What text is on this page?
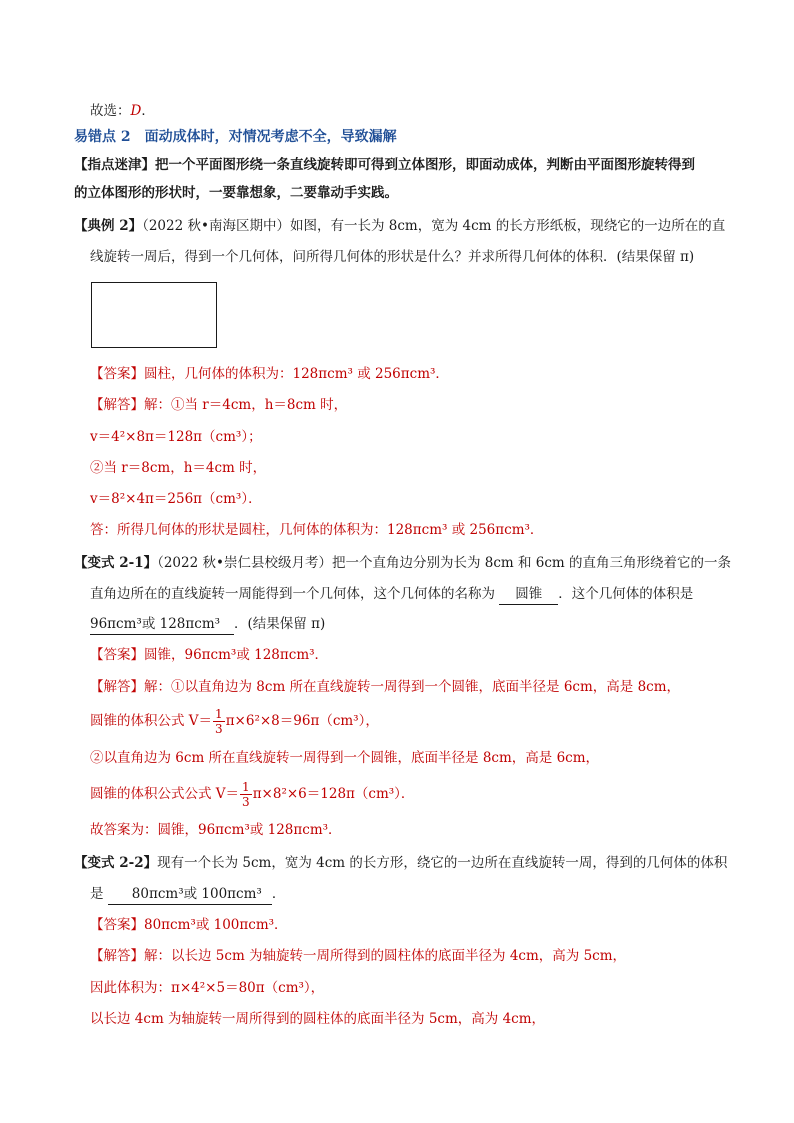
故选：D．
易错点 2　面动成体时，对情况考虑不全，导致漏解
【指点迷津】把一个平面图形绕一条直线旋转即可得到立体图形，即面动成体，判断由平面图形旋转得到
的立体图形的形状时，一要靠想象，二要靠动手实践。
【典例 2】（2022 秋•南海区期中）如图，有一长为 8cm，宽为 4cm 的长方形纸板，现绕它的一边所在的直
线旋转一周后，得到一个几何体，问所得几何体的形状是什么？并求所得几何体的体积．(结果保留 π)
【答案】圆柱，几何体的体积为：128πcm³ 或 256πcm³．
【解答】解：①当 r＝4cm，h＝8cm 时，
v＝4²×8π＝128π（cm³）；
②当 r＝8cm，h＝4cm 时，
v＝8²×4π＝256π（cm³）．
答：所得几何体的形状是圆柱，几何体的体积为：128πcm³ 或 256πcm³．
【变式 2-1】（2022 秋•崇仁县校级月考）把一个直角边分别为长为 8cm 和 6cm 的直角三角形绕着它的一条
直角边所在的直线旋转一周能得到一个几何体，这个几何体的名称为 圆锥 ．这个几何体的体积是
96πcm³或 128πcm³ ．(结果保留 π)
【答案】圆锥，96πcm³或 128πcm³．
【解答】解：①以直角边为 8cm 所在直线旋转一周得到一个圆锥，底面半径是 6cm，高是 8cm，
圆锥的体积公式 $V= \frac{1}{3} \pi\times 6^2\times 8=96\pi(cm^3)$，
②以直角边为 6cm 所在直线旋转一周得到一个圆锥，底面半径是 8cm，高是 6cm，
圆锥的体积公式公式 $V= \frac{1}{3} \pi\times 8^2\times 6=128\pi(cm^3)$．
故答案为：圆锥，96πcm³或 128πcm³．
【变式 2-2】现有一个长为 5cm，宽为 4cm 的长方形，绕它的一边所在直线旋转一周，得到的几何体的体积
是 80πcm³或 100πcm³ ．
【答案】80πcm³或 100πcm³．
【解答】解：以长边 5cm 为轴旋转一周所得到的圆柱体的底面半径为 4cm，高为 5cm，
因此体积为：π×4²×5＝80π（cm³），
以长边 4cm 为轴旋转一周所得到的圆柱体的底面半径为 5cm，高为 4cm，
